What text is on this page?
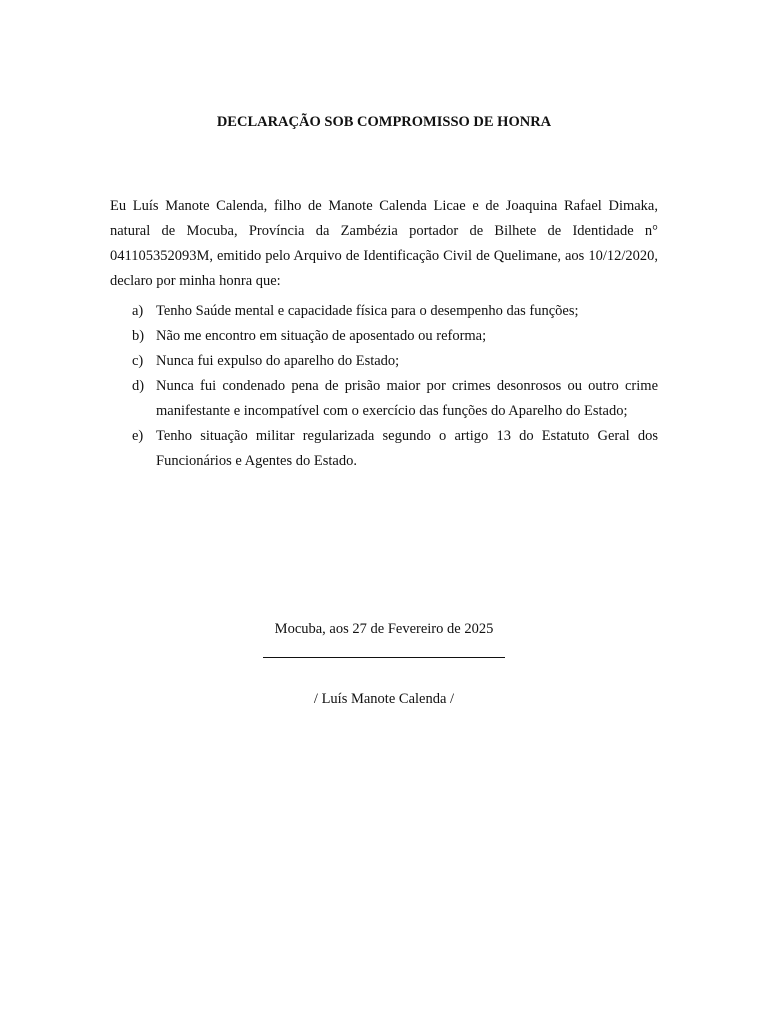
DECLARAÇÃO SOB COMPROMISSO DE HONRA

Eu Luís Manote Calenda, filho de Manote Calenda Licae e de Joaquina Rafael Dimaka, natural de Mocuba, Província da Zambézia portador de Bilhete de Identidade n° 041105352093M, emitido pelo Arquivo de Identificação Civil de Quelimane, aos 10/12/2020, declaro por minha honra que:

a) Tenho Saúde mental e capacidade física para o desempenho das funções;
b) Não me encontro em situação de aposentado ou reforma;
c) Nunca fui expulso do aparelho do Estado;
d) Nunca fui condenado pena de prisão maior por crimes desonrosos ou outro crime manifestante e incompatível com o exercício das funções do Aparelho do Estado;
e) Tenho situação militar regularizada segundo o artigo 13 do Estatuto Geral dos Funcionários e Agentes do Estado.
Mocuba, aos 27 de Fevereiro de 2025
/ Luís Manote Calenda /
